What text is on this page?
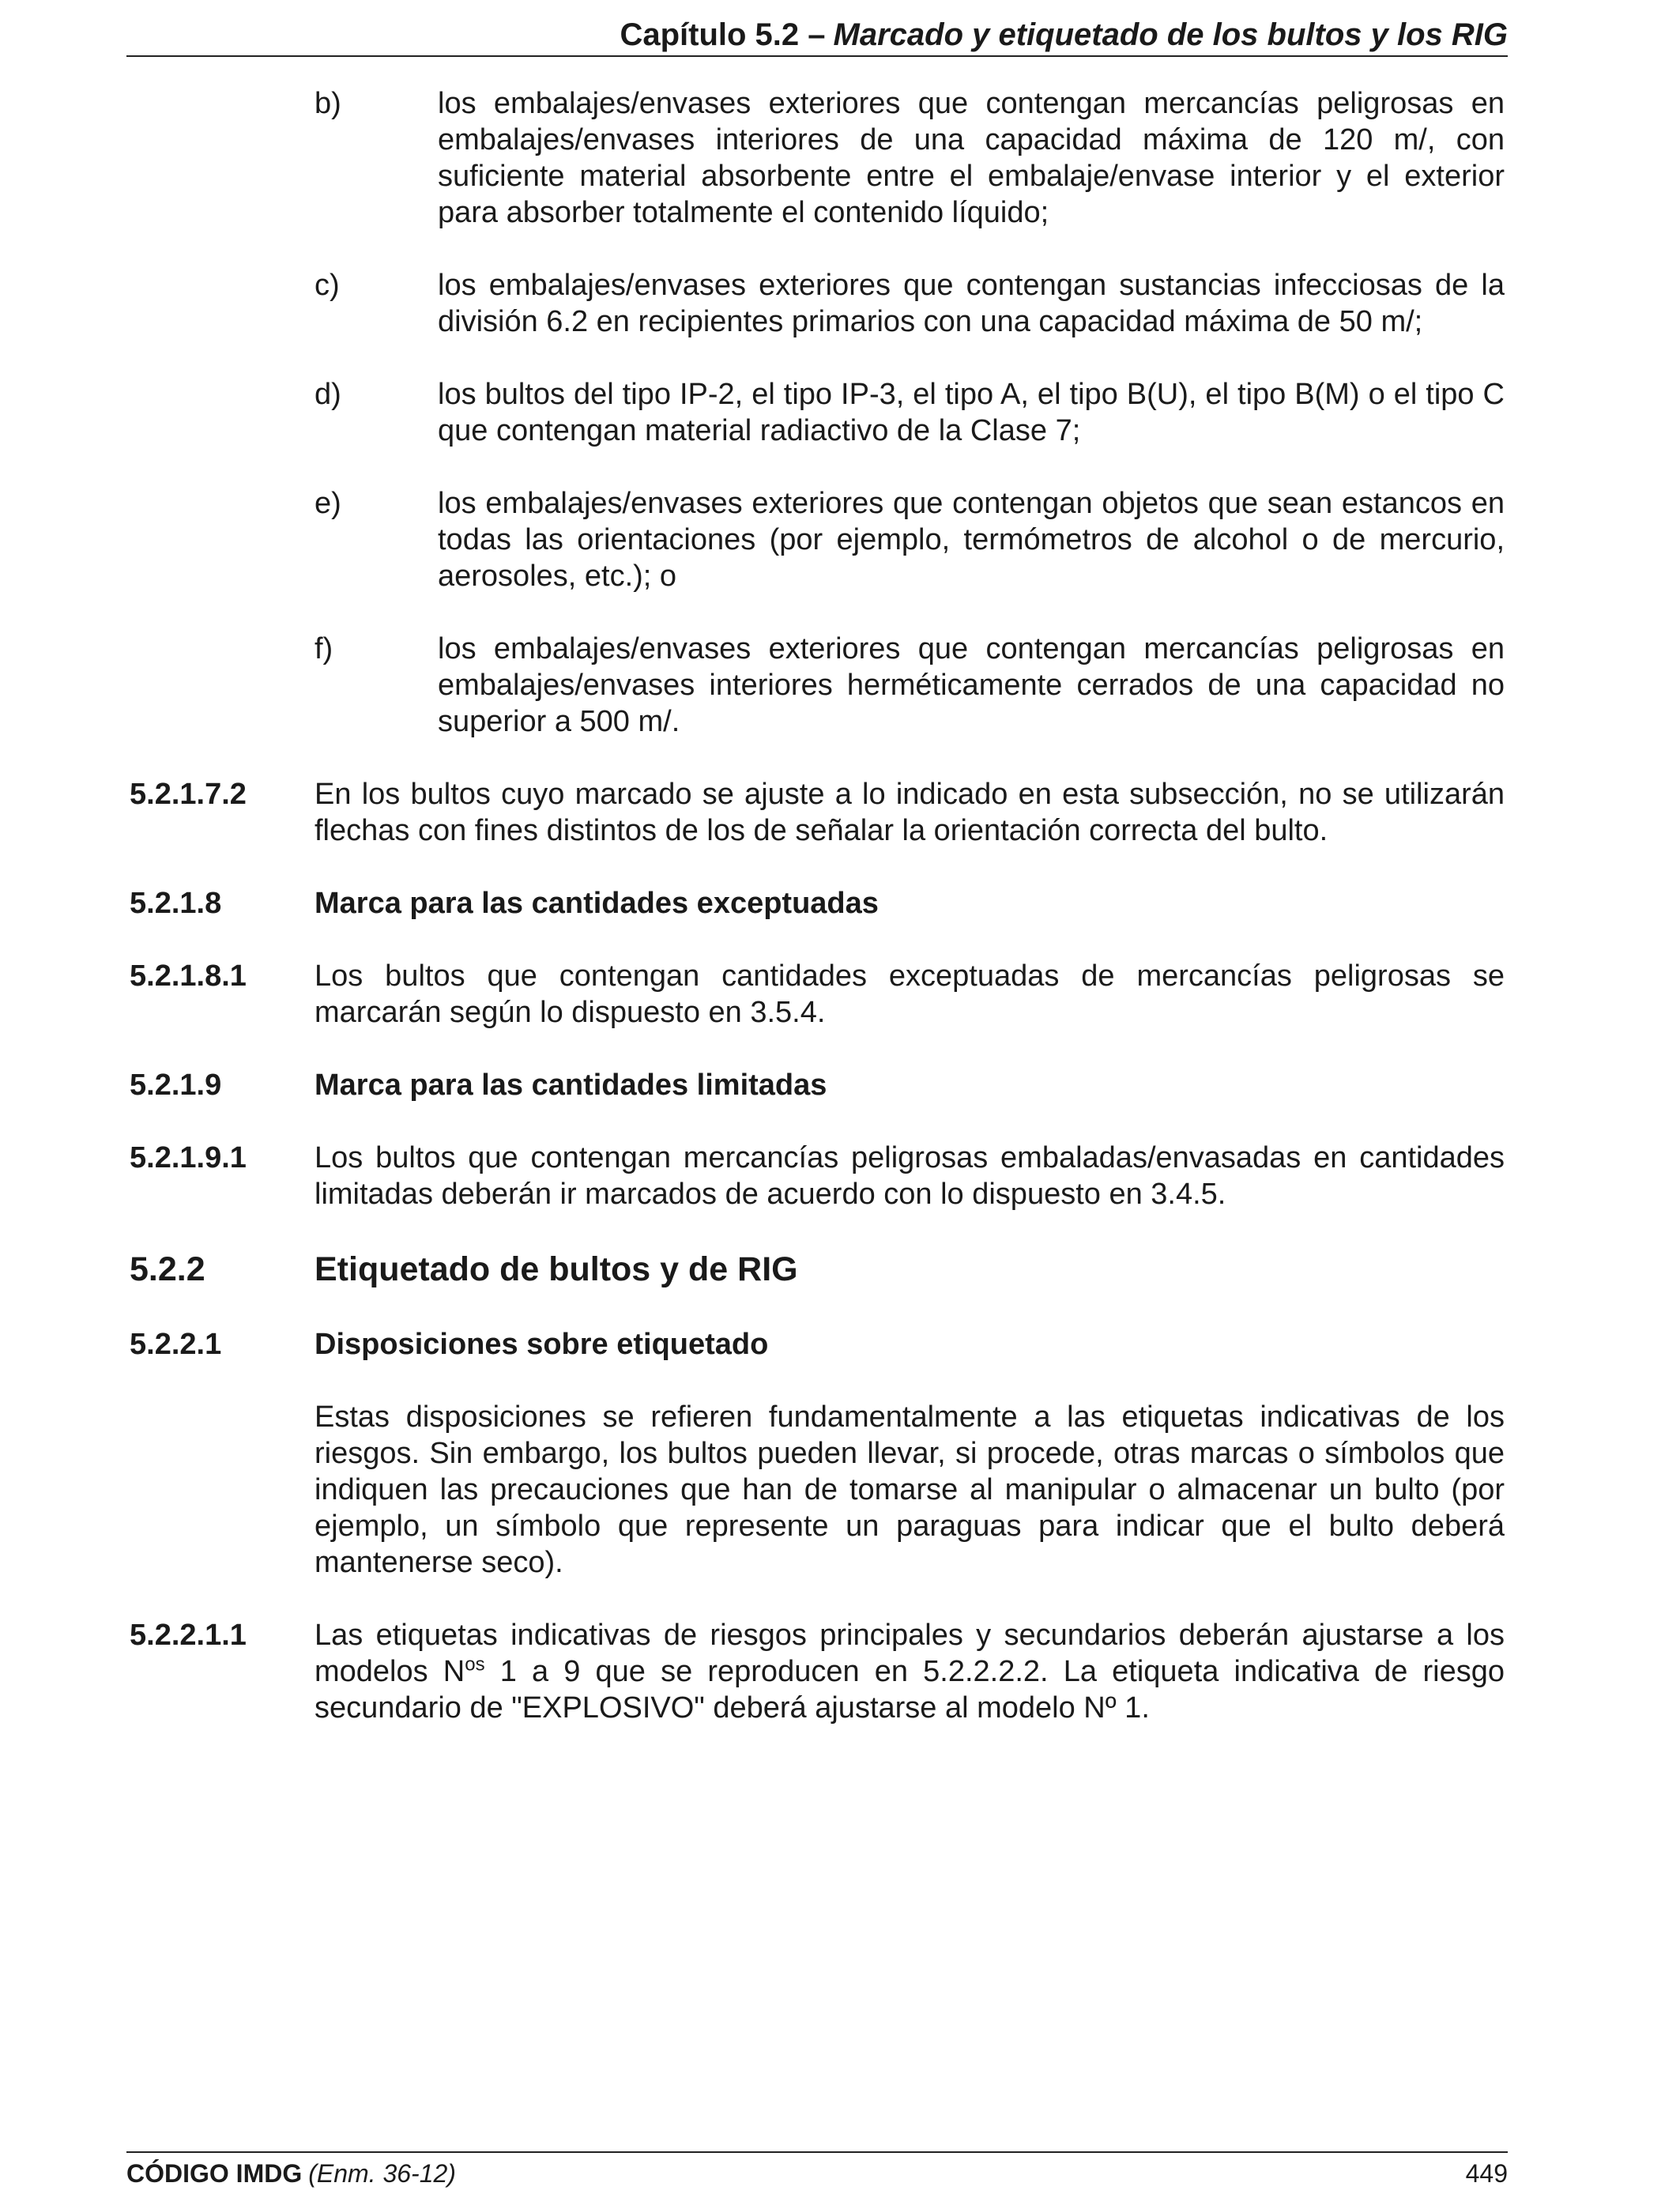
Capítulo 5.2 – Marcado y etiquetado de los bultos y los RIG
b)	los embalajes/envases exteriores que contengan mercancías peligrosas en embalajes/envases interiores de una capacidad máxima de 120 m/, con suficiente material absorbente entre el embalaje/envase interior y el exterior para absorber totalmente el contenido líquido;
c)	los embalajes/envases exteriores que contengan sustancias infecciosas de la división 6.2 en recipientes primarios con una capacidad máxima de 50 m/;
d)	los bultos del tipo IP-2, el tipo IP-3, el tipo A, el tipo B(U), el tipo B(M) o el tipo C que contengan material radiactivo de la Clase 7;
e)	los embalajes/envases exteriores que contengan objetos que sean estancos en todas las orientaciones (por ejemplo, termómetros de alcohol o de mercurio, aerosoles, etc.); o
f)	los embalajes/envases exteriores que contengan mercancías peligrosas en embalajes/envases interiores herméticamente cerrados de una capacidad no superior a 500 m/.
5.2.1.7.2	En los bultos cuyo marcado se ajuste a lo indicado en esta subsección, no se utilizarán flechas con fines distintos de los de señalar la orientación correcta del bulto.
5.2.1.8	Marca para las cantidades exceptuadas
5.2.1.8.1	Los bultos que contengan cantidades exceptuadas de mercancías peligrosas se marcarán según lo dispuesto en 3.5.4.
5.2.1.9	Marca para las cantidades limitadas
5.2.1.9.1	Los bultos que contengan mercancías peligrosas embaladas/envasadas en cantidades limitadas deberán ir marcados de acuerdo con lo dispuesto en 3.4.5.
5.2.2	Etiquetado de bultos y de RIG
5.2.2.1	Disposiciones sobre etiquetado
Estas disposiciones se refieren fundamentalmente a las etiquetas indicativas de los riesgos. Sin embargo, los bultos pueden llevar, si procede, otras marcas o símbolos que indiquen las precauciones que han de tomarse al manipular o almacenar un bulto (por ejemplo, un símbolo que represente un paraguas para indicar que el bulto deberá mantenerse seco).
5.2.2.1.1	Las etiquetas indicativas de riesgos principales y secundarios deberán ajustarse a los modelos $N^{os}$ 1 a 9 que se reproducen en 5.2.2.2.2. La etiqueta indicativa de riesgo secundario de "EXPLOSIVO" deberá ajustarse al modelo Nº 1.
CÓDIGO IMDG (Enm. 36-12)	449
